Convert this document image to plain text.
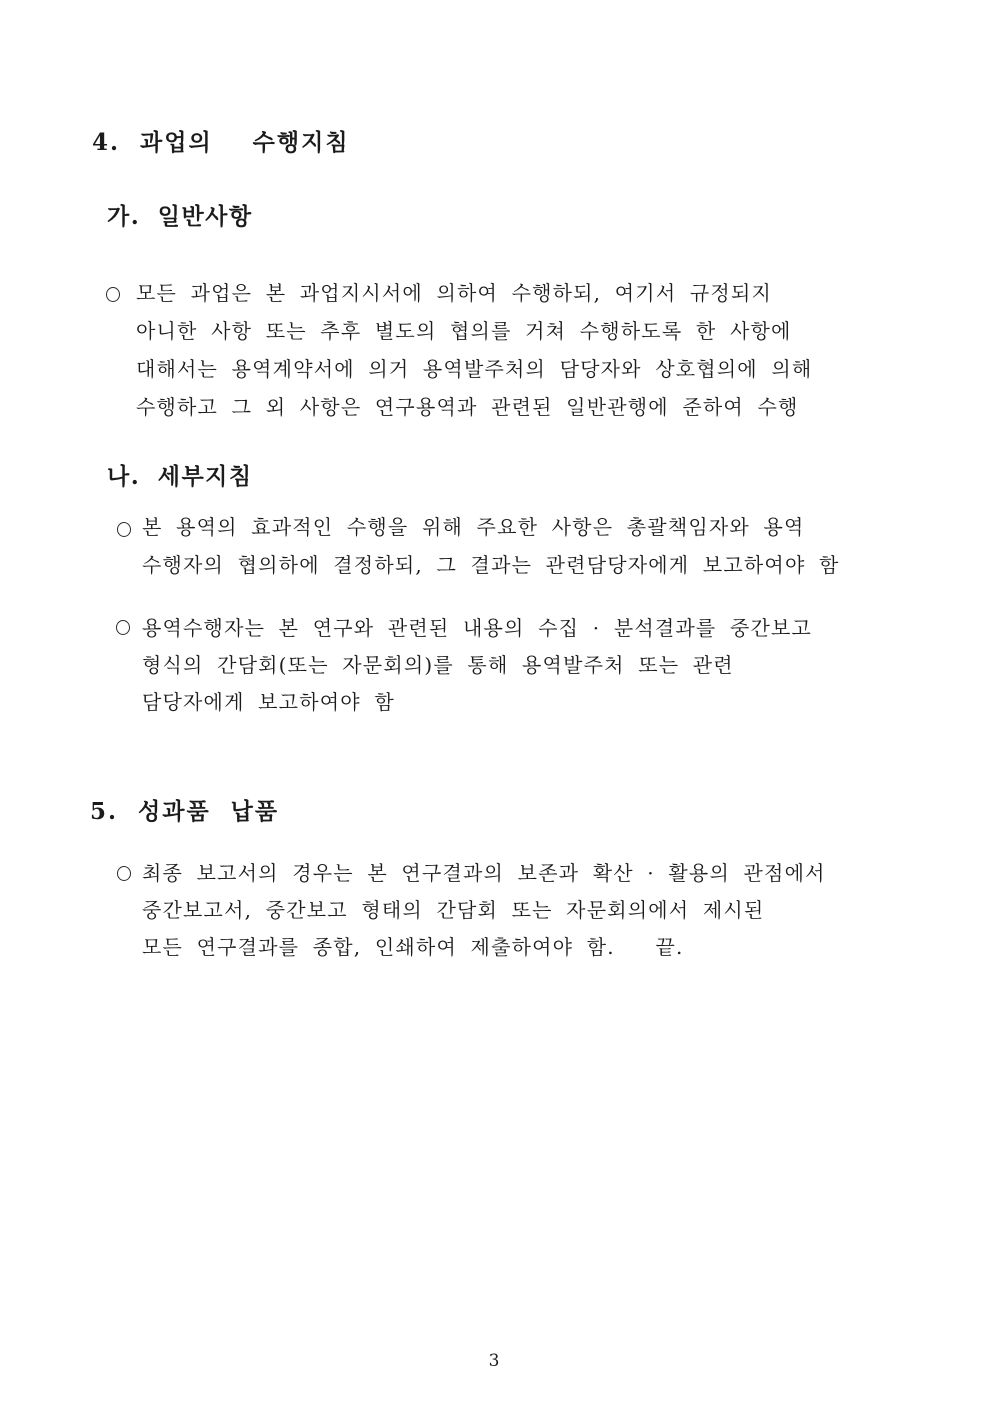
4. 과업의  수행지침
가. 일반사항
모든 과업은 본 과업지시서에 의하여 수행하되, 여기서 규정되지
아니한 사항 또는 추후 별도의 협의를 거쳐 수행하도록 한 사항에
대해서는 용역계약서에 의거 용역발주처의 담당자와 상호협의에 의해
수행하고 그 외 사항은 연구용역과 관련된 일반관행에 준하여 수행
나. 세부지침
본 용역의 효과적인 수행을 위해 주요한 사항은 총괄책임자와 용역
수행자의 협의하에 결정하되, 그 결과는 관련담당자에게 보고하여야 함
용역수행자는 본 연구와 관련된 내용의 수집 · 분석결과를 중간보고
형식의 간담회(또는 자문회의)를 통해 용역발주처 또는 관련
담당자에게 보고하여야 함
5. 성과품 납품
최종 보고서의 경우는 본 연구결과의 보존과 확산 · 활용의 관점에서
중간보고서, 중간보고 형태의 간담회 또는 자문회의에서 제시된
모든 연구결과를 종합, 인쇄하여 제출하여야 함.   끝.
3
